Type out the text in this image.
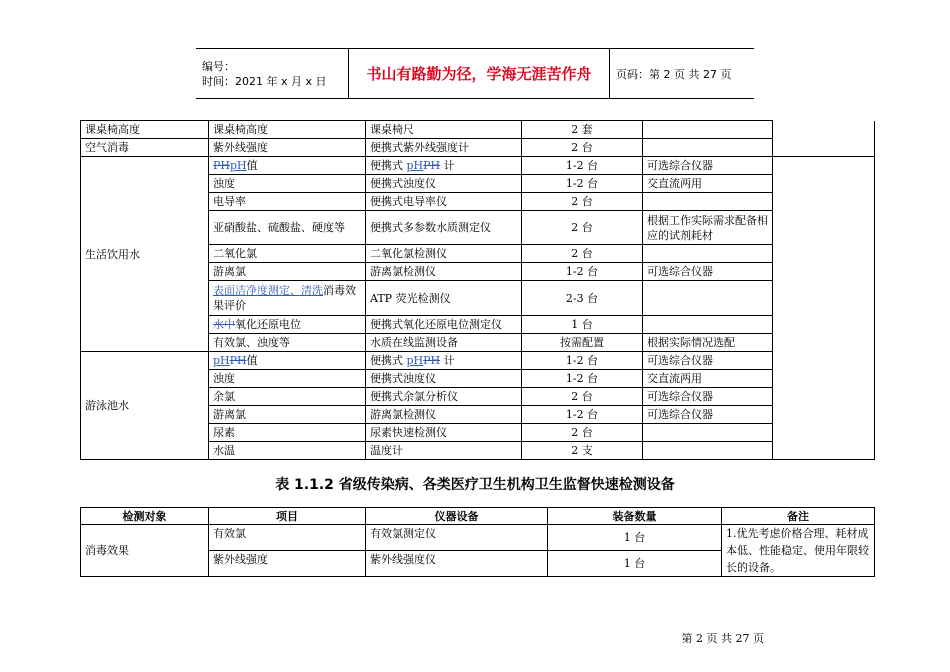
编号：
时间：2021 年 x 月 x 日	书山有路勤为径，学海无涯苦作舟	页码：第 2 页 共 27 页
课桌椅高度	课桌椅高度	课桌椅尺	2 套		
空气消毒	紫外线强度	便携式紫外线强度计	2 台		
生活饮用水	PHpH值	便携式 pHPH 计	1-2 台	可选综合仪器	
	浊度	便携式浊度仪	1-2 台	交直流两用	
	电导率	便携式电导率仪	2 台		
	亚硝酸盐、硫酸盐、硬度等	便携式多参数水质测定仪	2 台	根据工作实际需求配备相应的试剂耗材	
	二氧化氯	二氧化氯检测仪	2 台		
	游离氯	游离氯检测仪	1-2 台	可选综合仪器	
	表面洁净度测定、清洗消毒效果评价	ATP 荧光检测仪	2-3 台		
	水中氧化还原电位	便携式氧化还原电位测定仪	1 台		
	有效氯、浊度等	水质在线监测设备	按需配置	根据实际情况选配	
游泳池水	pHPH值	便携式 pHPH 计	1-2 台	可选综合仪器	
	浊度	便携式浊度仪	1-2 台	交直流两用	
	余氯	便携式余氯分析仪	2 台	可选综合仪器	
	游离氯	游离氯检测仪	1-2 台	可选综合仪器	
	尿素	尿素快速检测仪	2 台		
	水温	温度计	2 支		
表 1.1.2 省级传染病、各类医疗卫生机构卫生监督快速检测设备
检测对象	项目	仪器设备	装备数量	备注
消毒效果	有效氯	有效氯测定仪	1 台	1.优先考虑价格合理、耗材成本低、性能稳定、使用年限较长的设备。
	紫外线强度	紫外线强度仪	1 台	
第 2 页 共 27 页
